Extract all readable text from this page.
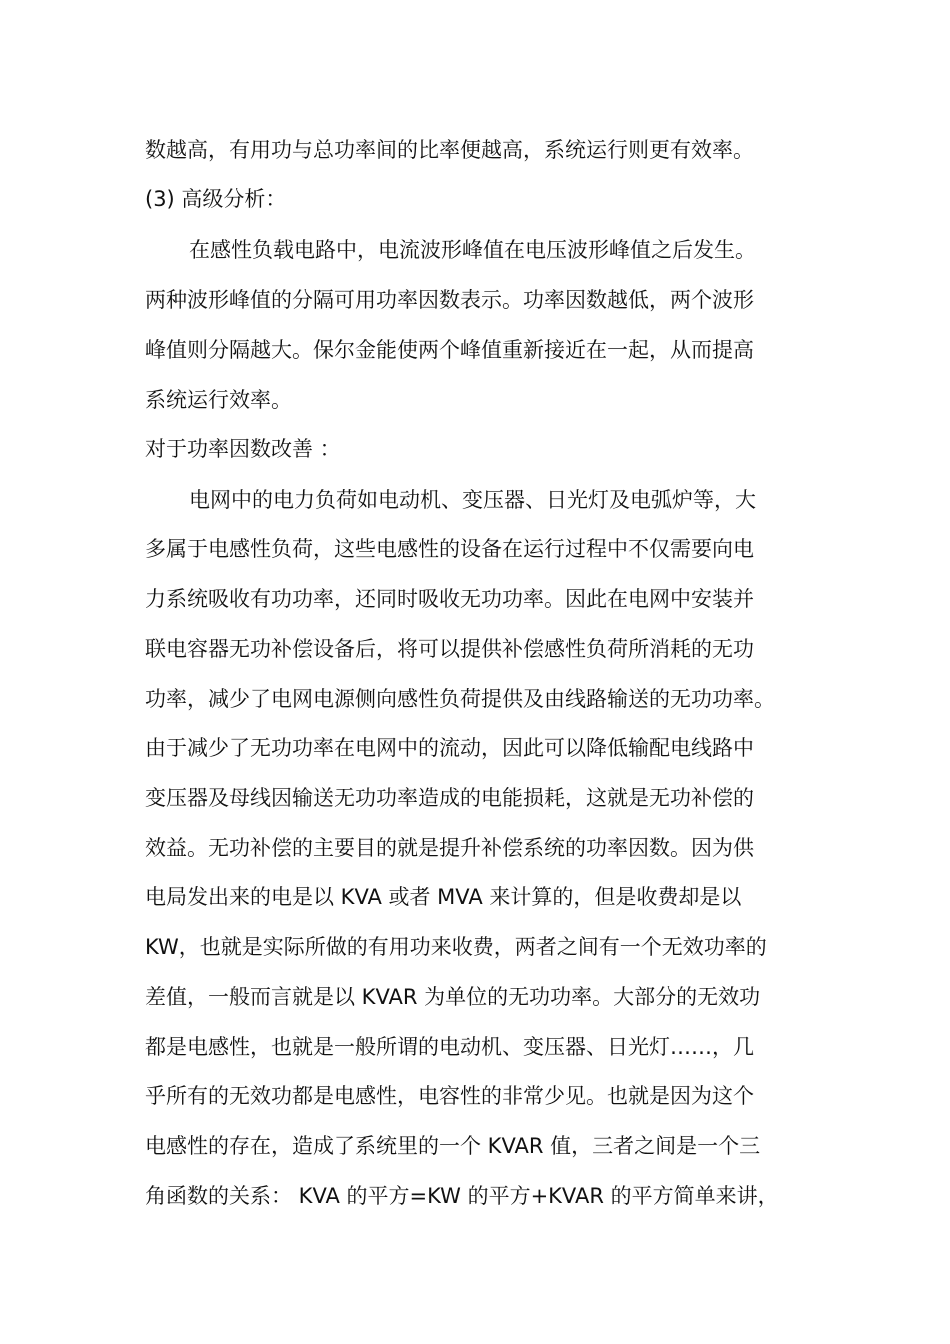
数越高，有用功与总功率间的比率便越高，系统运行则更有效率。
(3) 高级分析：
在感性负载电路中，电流波形峰值在电压波形峰值之后发生。
两种波形峰值的分隔可用功率因数表示。功率因数越低，两个波形
峰值则分隔越大。保尔金能使两个峰值重新接近在一起，从而提高
系统运行效率。
对于功率因数改善 ：
电网中的电力负荷如电动机、变压器、日光灯及电弧炉等，大
多属于电感性负荷，这些电感性的设备在运行过程中不仅需要向电
力系统吸收有功功率，还同时吸收无功功率。因此在电网中安装并
联电容器无功补偿设备后，将可以提供补偿感性负荷所消耗的无功
功率，减少了电网电源侧向感性负荷提供及由线路输送的无功功率。
由于减少了无功功率在电网中的流动，因此可以降低输配电线路中
变压器及母线因输送无功功率造成的电能损耗，这就是无功补偿的
效益。无功补偿的主要目的就是提升补偿系统的功率因数。因为供
电局发出来的电是以 KVA 或者 MVA 来计算的，但是收费却是以
KW，也就是实际所做的有用功来收费，两者之间有一个无效功率的
差值，一般而言就是以 KVAR 为单位的无功功率。大部分的无效功
都是电感性，也就是一般所谓的电动机、变压器、日光灯……，几
乎所有的无效功都是电感性，电容性的非常少见。也就是因为这个
电感性的存在，造成了系统里的一个 KVAR 值，三者之间是一个三
角函数的关系： KVA 的平方=KW 的平方+KVAR 的平方简单来讲，
